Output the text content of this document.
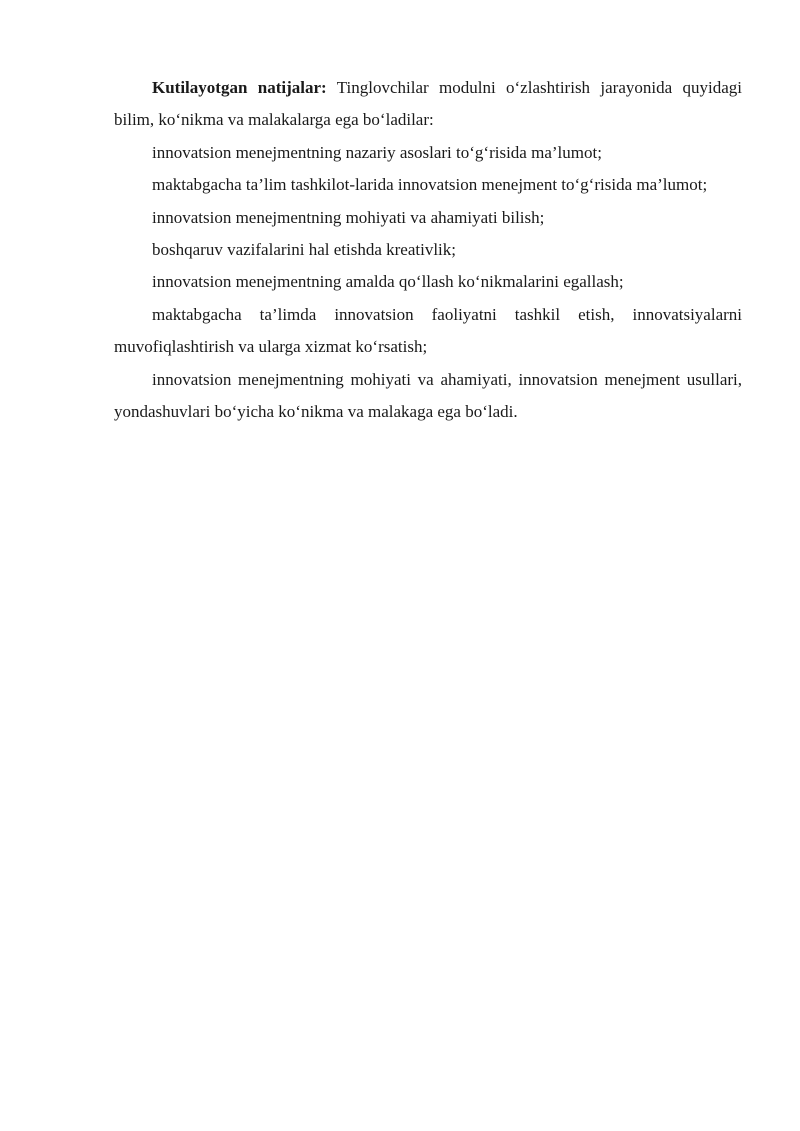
Kutilayotgan natijalar: Tinglovchilar modulni o‘zlashtirish jarayonida quyidagi bilim, ko‘nikma va malakalarga ega bo‘ladilar:

innovatsion menejmentning nazariy asoslari to‘g‘risida ma’lumot;

maktabgacha ta’lim tashkilot-larida innovatsion menejment to‘g‘risida ma’lumot;

innovatsion menejmentning mohiyati va ahamiyati bilish;

boshqaruv vazifalarini hal etishda kreativlik;

innovatsion menejmentning amalda qo‘llash ko‘nikmalarini egallash;

maktabgacha ta’limda innovatsion faoliyatni tashkil etish, innovatsiyalarni muvofiqlashtirish va ularga xizmat ko‘rsatish;

innovatsion menejmentning mohiyati va ahamiyati, innovatsion menejment usullari, yondashuvlari bo‘yicha ko‘nikma va malakaga ega bo‘ladi.
